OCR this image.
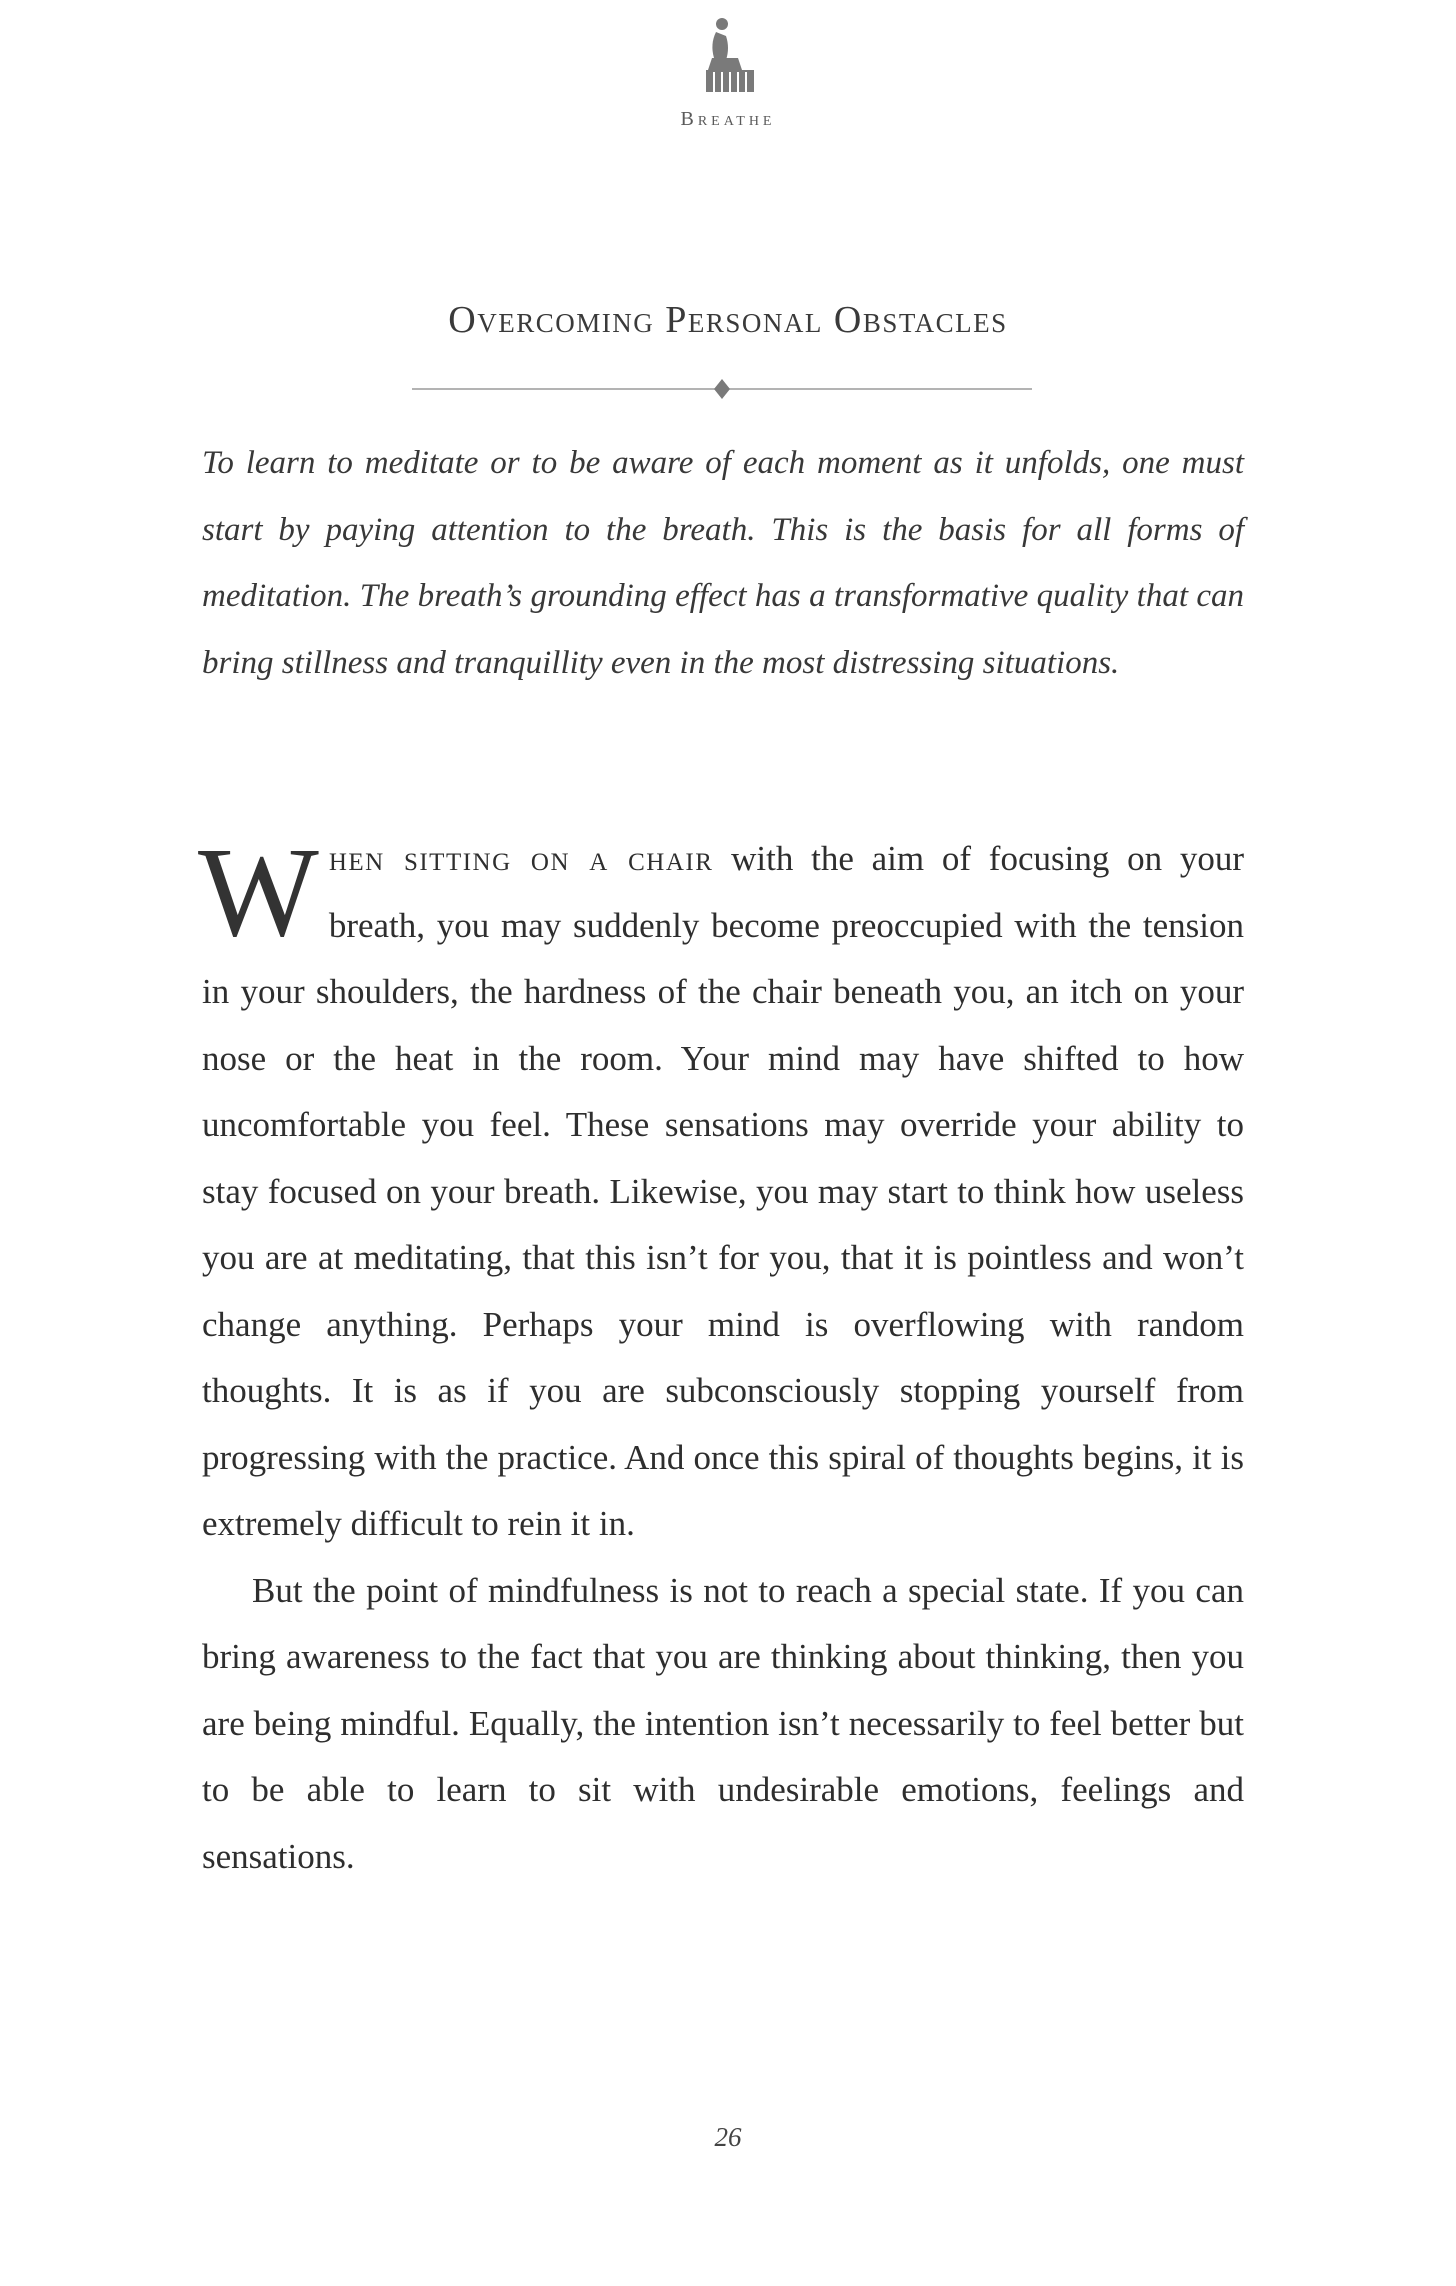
Breathe
Overcoming Personal Obstacles

To learn to meditate or to be aware of each moment as it unfolds, one must start by paying attention to the breath. This is the basis for all forms of meditation. The breath’s grounding effect has a transformative quality that can bring stillness and tranquillity even in the most distressing situations.

When sitting on a chair with the aim of focusing on your breath, you may suddenly become preoccupied with the tension in your shoulders, the hardness of the chair beneath you, an itch on your nose or the heat in the room. Your mind may have shifted to how uncomfortable you feel. These sensations may override your ability to stay focused on your breath. Likewise, you may start to think how useless you are at meditating, that this isn’t for you, that it is pointless and won’t change anything. Perhaps your mind is overflowing with random thoughts. It is as if you are subconsciously stopping yourself from progressing with the practice. And once this spiral of thoughts begins, it is extremely difficult to rein it in.

But the point of mindfulness is not to reach a special state. If you can bring awareness to the fact that you are thinking about thinking, then you are being mindful. Equally, the intention isn’t necessarily to feel better but to be able to learn to sit with undesirable emotions, feelings and sensations.

26
